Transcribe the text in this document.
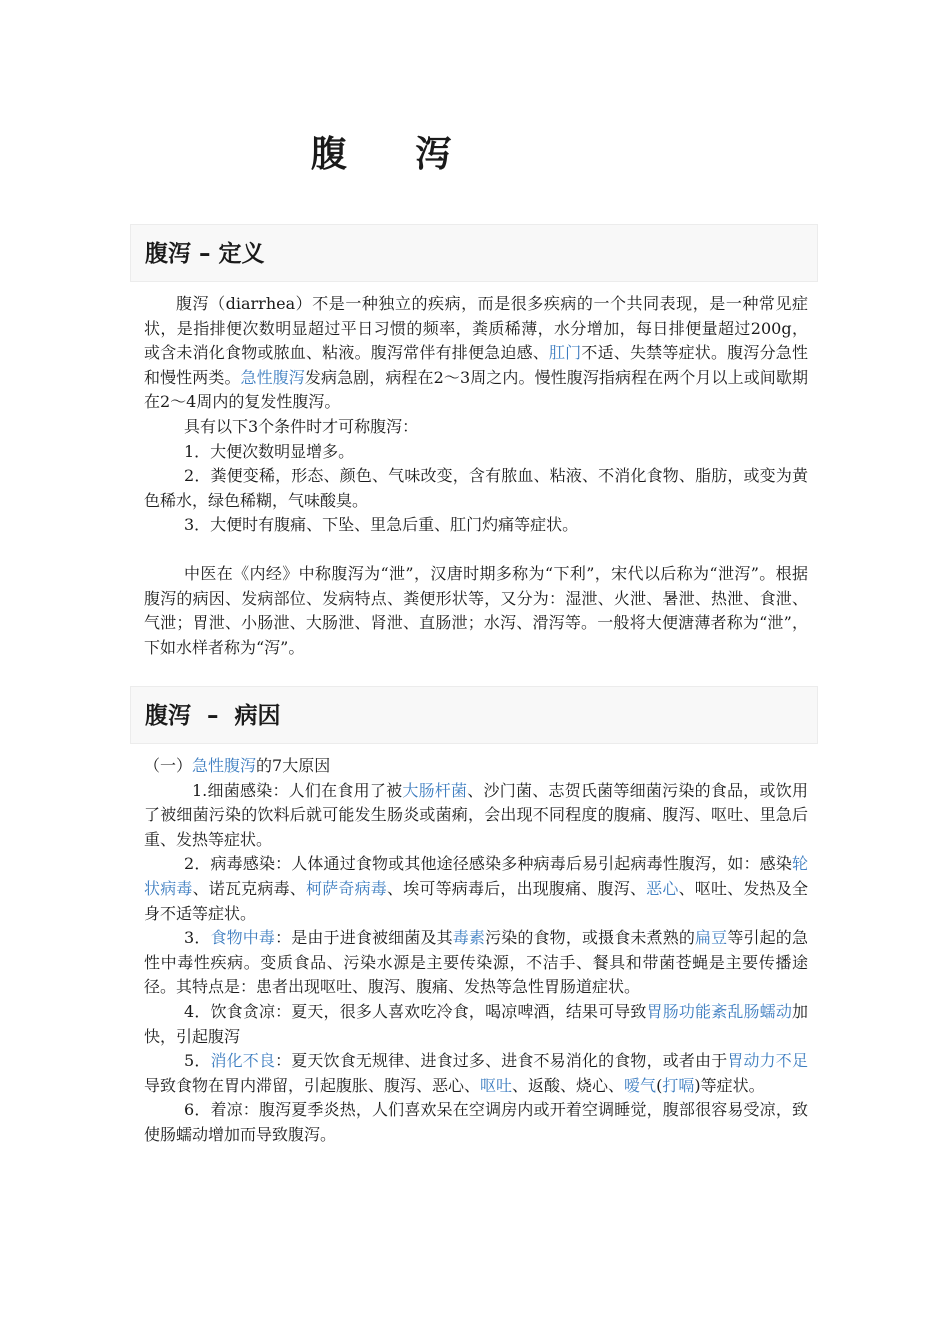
腹 泻
腹泻 – 定义

腹泻（diarrhea）不是一种独立的疾病，而是很多疾病的一个共同表现，是一种常见症状，是指排便次数明显超过平日习惯的频率，粪质稀薄，水分增加，每日排便量超过200g，或含未消化食物或脓血、粘液。腹泻常伴有排便急迫感、肛门不适、失禁等症状。腹泻分急性和慢性两类。急性腹泻发病急剧，病程在2～3周之内。慢性腹泻指病程在两个月以上或间歇期在2～4周内的复发性腹泻。

具有以下3个条件时才可称腹泻：

1．大便次数明显增多。

2．粪便变稀，形态、颜色、气味改变，含有脓血、粘液、不消化食物、脂肪，或变为黄色稀水，绿色稀糊，气味酸臭。

3．大便时有腹痛、下坠、里急后重、肛门灼痛等症状。

中医在《内经》中称腹泻为“泄”，汉唐时期多称为“下利”，宋代以后称为“泄泻”。根据腹泻的病因、发病部位、发病特点、粪便形状等，又分为：湿泄、火泄、暑泄、热泄、食泄、气泄；胃泄、小肠泄、大肠泄、肾泄、直肠泄；水泻、滑泻等。一般将大便溏薄者称为“泄”，下如水样者称为“泻”。

腹泻  –  病因

（一）急性腹泻的7大原因

1.细菌感染：人们在食用了被大肠杆菌、沙门菌、志贺氏菌等细菌污染的食品，或饮用了被细菌污染的饮料后就可能发生肠炎或菌痢，会出现不同程度的腹痛、腹泻、呕吐、里急后重、发热等症状。

2．病毒感染：人体通过食物或其他途径感染多种病毒后易引起病毒性腹泻，如：感染轮状病毒、诺瓦克病毒、柯萨奇病毒、埃可等病毒后，出现腹痛、腹泻、恶心、呕吐、发热及全身不适等症状。

3．食物中毒：是由于进食被细菌及其毒素污染的食物，或摄食未煮熟的扁豆等引起的急性中毒性疾病。变质食品、污染水源是主要传染源，不洁手、餐具和带菌苍蝇是主要传播途径。其特点是：患者出现呕吐、腹泻、腹痛、发热等急性胃肠道症状。

4．饮食贪凉：夏天，很多人喜欢吃冷食，喝凉啤酒，结果可导致胃肠功能紊乱肠蠕动加快，引起腹泻

5．消化不良：夏天饮食无规律、进食过多、进食不易消化的食物，或者由于胃动力不足导致食物在胃内滞留，引起腹胀、腹泻、恶心、呕吐、返酸、烧心、嗳气(打嗝)等症状。

6．着凉：腹泻夏季炎热，人们喜欢呆在空调房内或开着空调睡觉，腹部很容易受凉，致使肠蠕动增加而导致腹泻。
